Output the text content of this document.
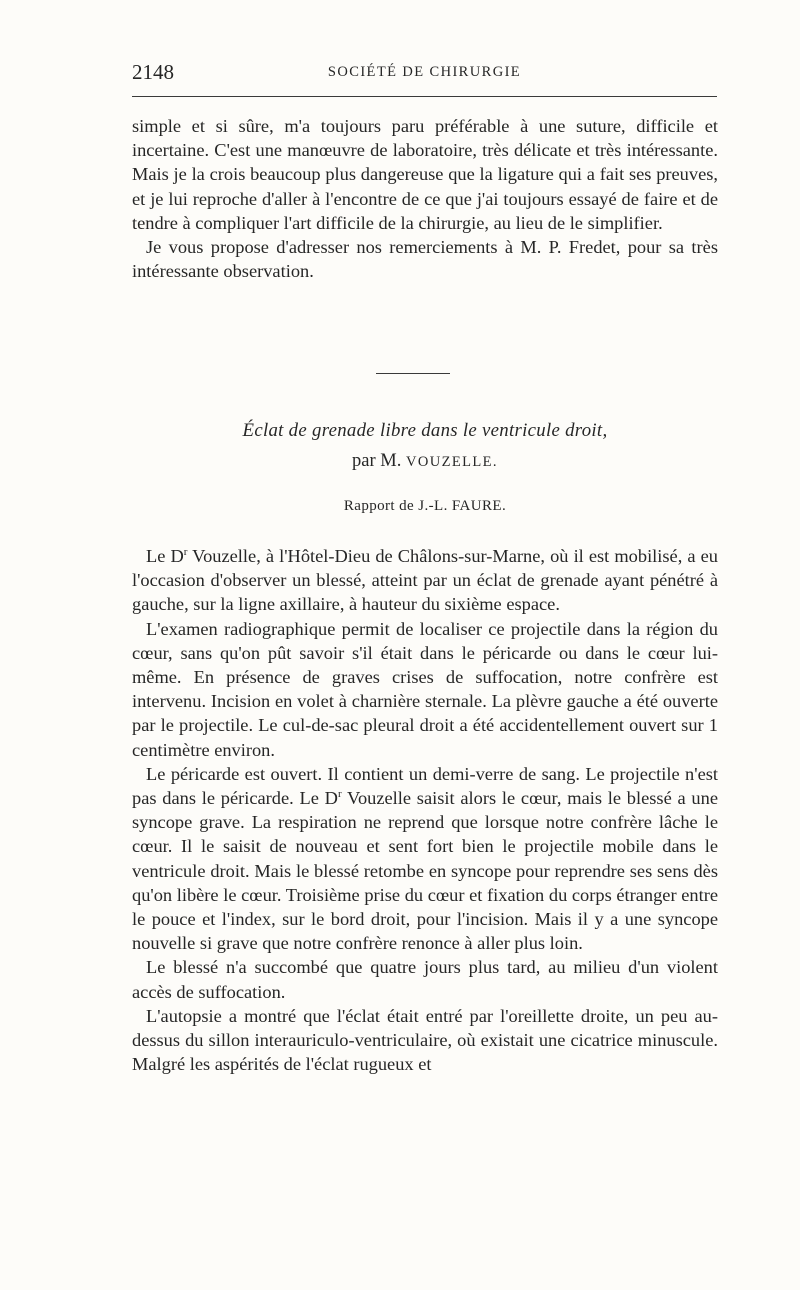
2148	SOCIÉTÉ DE CHIRURGIE

simple et si sûre, m'a toujours paru préférable à une suture, difficile et incertaine. C'est une manœuvre de laboratoire, très délicate et très intéressante. Mais je la crois beaucoup plus dangereuse que la ligature qui a fait ses preuves, et je lui reproche d'aller à l'encontre de ce que j'ai toujours essayé de faire et de tendre à compliquer l'art difficile de la chirurgie, au lieu de le simplifier.

Je vous propose d'adresser nos remerciements à M. P. Fredet, pour sa très intéressante observation.

Éclat de grenade libre dans le ventricule droit,
par M. VOUZELLE.
Rapport de J.-L. FAURE.

Le $D^r$ Vouzelle, à l'Hôtel-Dieu de Châlons-sur-Marne, où il est mobilisé, a eu l'occasion d'observer un blessé, atteint par un éclat de grenade ayant pénétré à gauche, sur la ligne axillaire, à hauteur du sixième espace.

L'examen radiographique permit de localiser ce projectile dans la région du cœur, sans qu'on pût savoir s'il était dans le péricarde ou dans le cœur lui-même. En présence de graves crises de suffocation, notre confrère est intervenu. Incision en volet à charnière sternale. La plèvre gauche a été ouverte par le projectile. Le cul-de-sac pleural droit a été accidentellement ouvert sur 1 centimètre environ.

Le péricarde est ouvert. Il contient un demi-verre de sang. Le projectile n'est pas dans le péricarde. Le $D^r$ Vouzelle saisit alors le cœur, mais le blessé a une syncope grave. La respiration ne reprend que lorsque notre confrère lâche le cœur. Il le saisit de nouveau et sent fort bien le projectile mobile dans le ventricule droit. Mais le blessé retombe en syncope pour reprendre ses sens dès qu'on libère le cœur. Troisième prise du cœur et fixation du corps étranger entre le pouce et l'index, sur le bord droit, pour l'incision. Mais il y a une syncope nouvelle si grave que notre confrère renonce à aller plus loin.

Le blessé n'a succombé que quatre jours plus tard, au milieu d'un violent accès de suffocation.

L'autopsie a montré que l'éclat était entré par l'oreillette droite, un peu au-dessus du sillon interauriculo-ventriculaire, où existait une cicatrice minuscule. Malgré les aspérités de l'éclat rugueux et
